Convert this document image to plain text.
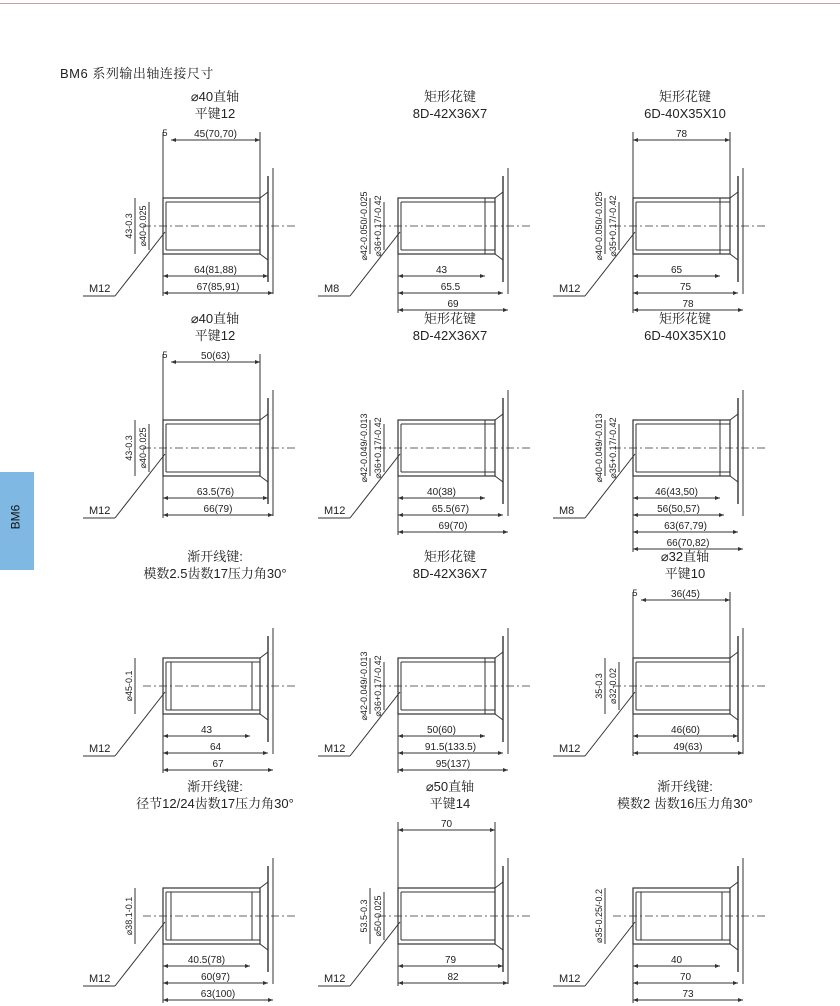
BM6 系列输出轴连接尺寸
BM6
⌀40直轴
平键12
43-0.3 ⌀40-0.025
M12
45(70,70)
5
64(81,88)
67(85,91)
矩形花键
8D-42X36X7
⌀42-0.050/-0.025 ⌀36+0.17/-0.42
M8
43
65.5
69
矩形花键
6D-40X35X10
⌀40-0.050/-0.025 ⌀35+0.17/-0.42
M12
78
65
75
78
⌀40直轴
平键12
43-0.3 ⌀40-0.025
M12
50(63)
5
63.5(76)
66(79)
矩形花键
8D-42X36X7
⌀42-0.049/-0.013 ⌀36+0.17/-0.42
M12
40(38)
65.5(67)
69(70)
矩形花键
6D-40X35X10
⌀40-0.049/-0.013 ⌀35+0.17/-0.42
M8
46(43,50)
56(50,57)
63(67,79)
66(70,82)
渐开线键:
模数2.5齿数17压力角30°
⌀45-0.1
M12
43
64
67
矩形花键
8D-42X36X7
⌀42-0.049/-0.013 ⌀36+0.17/-0.42
M12
50(60)
91.5(133.5)
95(137)
⌀32直轴
平键10
35-0.3 ⌀32-0.02
M12
36(45)
5
46(60)
49(63)
渐开线键:
径节12/24齿数17压力角30°
⌀38.1-0.1
M12
40.5(78)
60(97)
63(100)
⌀50直轴
平键14
53.5-0.3 ⌀50-0.025
M12
70
79
82
渐开线键:
模数2 齿数16压力角30°
⌀35-0.25/-0.2
M12
40
70
73
